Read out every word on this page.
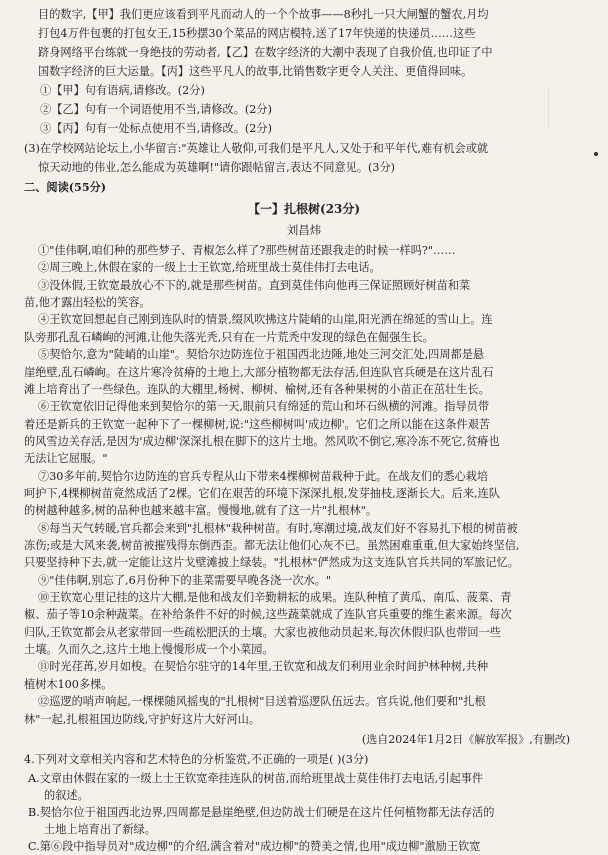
目的数字,【甲】我们更应该看到平凡而动人的一个个故事——8秒扎一只大闸蟹的蟹农,月均
打包4万件包裹的打包女王,15秒摆30个菜品的网店模特,送了17年快递的快递员……这些
跻身网络平台练就一身绝技的劳动者,【乙】在数字经济的大潮中表现了自我价值,也印证了中
国数字经济的巨大运量。【丙】这些平凡人的故事,比销售数字更令人关注、更值得回味。
①【甲】句有语病,请修改。(2分)
②【乙】句有一个词语使用不当,请修改。(2分)
③【丙】句有一处标点使用不当,请修改。(2分)
(3)在学校网站论坛上,小华留言:"英雄让人敬仰,可我们是平凡人,又处于和平年代,难有机会或就
惊天动地的伟业,怎么能成为英雄啊!"请你跟帖留言,表达不同意见。(3分)
二、阅读(55分)
【一】扎根树(23分)
刘昌炜
①"佳伟啊,咱们种的那些梦子、青椒怎么样了?那些树苗还跟我走的时候一样吗?"……
②周三晚上,休假在家的一级上士王钦宽,给班里战士莫佳伟打去电话。
③没休假,王钦宽最放心不下的,就是那些树苗。直到莫佳伟向他再三保证照顾好树苗和菜
苗,他才露出轻松的笑容。
④王钦宽回想起自己刚到连队时的情景,缀风吹拂这片陡峭的山崖,阳光洒在绵延的雪山上。连
队旁那孔乱石嶙峋的河滩,让他失落光秃,只有在一片荒秃中发现的绿色在倔强生长。
⑤契恰尔,意为"陡峭的山崖"。契恰尔边防连位于祖国西北边陲,地处三河交汇处,四周都是悬
崖绝壁,乱石嶙峋。在这片寒冷贫瘠的土地上,大部分植物都无法存活,但连队官兵硬是在这片乱石
滩上培育出了一些绿色。连队的大棚里,杨树、柳树、榆树,还有各种果树的小苗正在茁壮生长。
⑥王钦宽依旧记得他来到契恰尔的第一天,眼前只有绵延的荒山和坏石纵横的河滩。指导员带
着还是新兵的王钦宽一起种下了一棵柳树,说:"这些柳树叫'成边柳'。它们之所以能在这条件艰苦
的风雪边关存活,是因为'成边柳'深深扎根在脚下的这片土地。然风吹不倒它,寒冷冻不死它,贫瘠也
无法让它屈服。"
⑦30多年前,契恰尔边防连的官兵专程从山下带来4棵柳树苗栽种于此。在战友们的悉心栽培
呵护下,4棵柳树苗竟然成活了2棵。它们在艰苦的环境下深深扎根,发芽抽枝,逐渐长大。后来,连队
的树越种越多,树的品种也越来越丰富。慢慢地,就有了这一片"扎根林"。
⑧每当天气转暖,官兵都会来到"扎根林"栽种树苗。有时,寒潮过境,战友们好不容易扎下根的树苗被
冻伤;或是大风来袭,树苗被摧残得东倒西歪。都无法让他们心灰不已。虽然困难重重,但大家始终坚信,
只要坚持种下去,就一定能让这片戈壁滩披上绿装。"扎根林"俨然成为这支连队官兵共同的军旅记忆。
⑨"佳伟啊,别忘了,6月份种下的韭菜需要早晚各浇一次水。"
⑩王钦宽心里记挂的这片大棚,是他和战友们辛勤耕耘的成果。连队种植了黄瓜、南瓜、菠菜、青
椒、茄子等10余种蔬菜。在补给条件不好的时候,这些蔬菜就成了连队官兵重要的维生素来源。每次
归队,王钦宽都会从老家带回一些疏松肥沃的土壤。大家也被他动员起来,每次休假归队也带回一些
土壤。久而久之,这片土地上慢慢形成一个小菜园。
⑪时光荏苒,岁月如梭。在契恰尔驻守的14年里,王钦宽和战友们利用业余时间护林种树,共种
植树木100多棵。
⑫巡逻的哨声响起,一棵棵随风摇曳的"扎根树"目送着巡逻队伍远去。官兵说,他们要和"扎根
林"一起,扎根祖国边防线,守护好这片大好河山。
(选自2024年1月2日《解放军报》,有删改)
4.下列对文章相关内容和艺术特色的分析鉴赏,不正确的一项是( )(3分)
A.文章由休假在家的一级上士王钦宽牵挂连队的树苗,而给班里战士莫佳伟打去电话,引起事件
的叙述。
B.契恰尔位于祖国西北边界,四周都是悬崖绝壁,但边防战士们硬是在这片任何植物都无法存活的
土地上培育出了新绿。
C.第⑥段中指导员对"成边柳"的介绍,满含着对"成边柳"的赞美之情,也用"成边柳"激励王钦宽
